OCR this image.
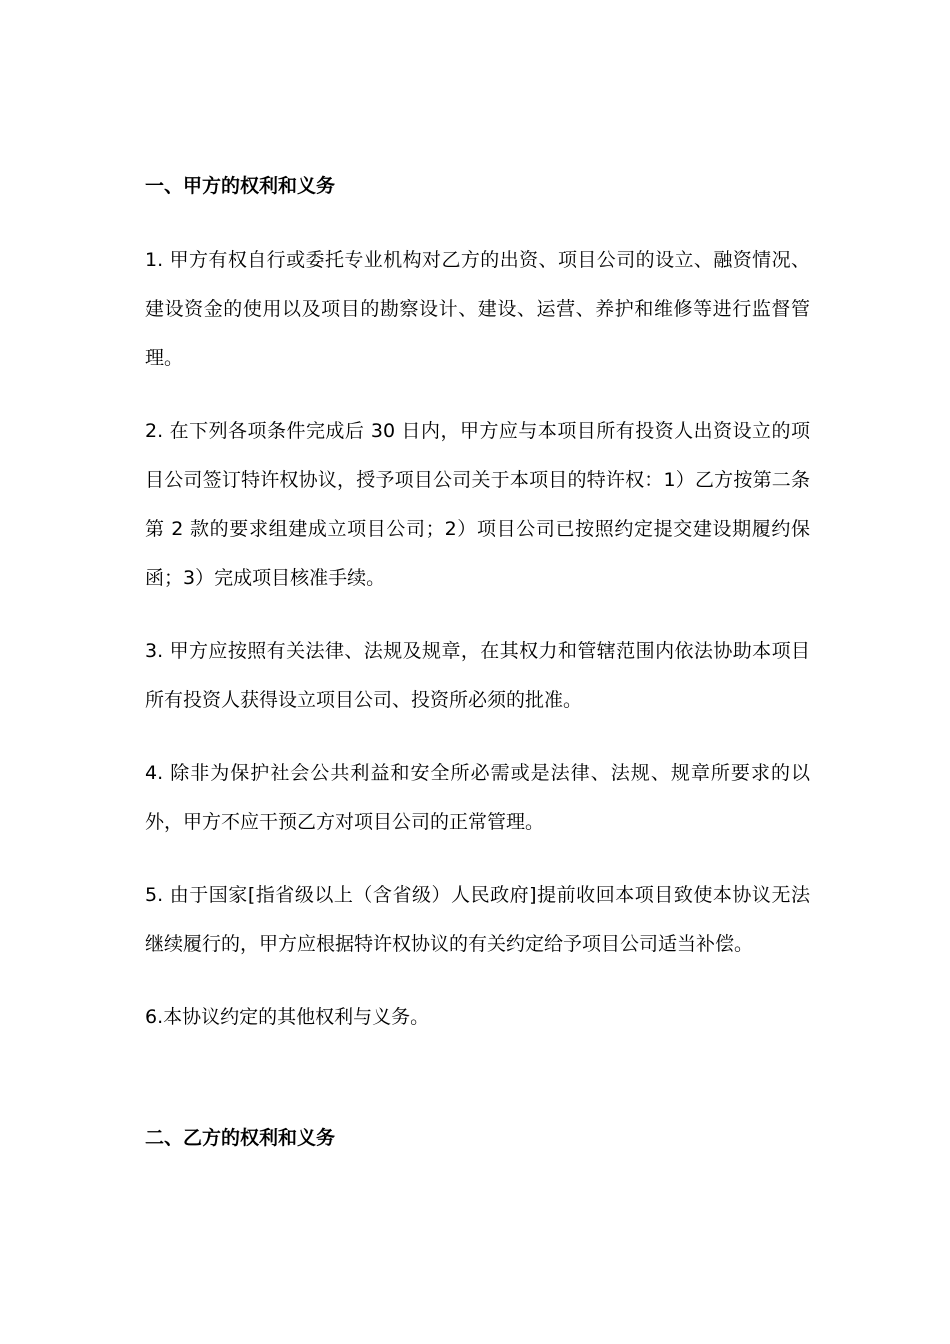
一、甲方的权利和义务

1. 甲方有权自行或委托专业机构对乙方的出资、项目公司的设立、融资情况、建设资金的使用以及项目的勘察设计、建设、运营、养护和维修等进行监督管理。

2. 在下列各项条件完成后 30 日内，甲方应与本项目所有投资人出资设立的项目公司签订特许权协议，授予项目公司关于本项目的特许权：1）乙方按第二条第 2 款的要求组建成立项目公司；2）项目公司已按照约定提交建设期履约保函；3）完成项目核准手续。

3. 甲方应按照有关法律、法规及规章，在其权力和管辖范围内依法协助本项目所有投资人获得设立项目公司、投资所必须的批准。

4. 除非为保护社会公共利益和安全所必需或是法律、法规、规章所要求的以外，甲方不应干预乙方对项目公司的正常管理。

5. 由于国家[指省级以上（含省级）人民政府]提前收回本项目致使本协议无法继续履行的，甲方应根据特许权协议的有关约定给予项目公司适当补偿。

6.本协议约定的其他权利与义务。

二、乙方的权利和义务
